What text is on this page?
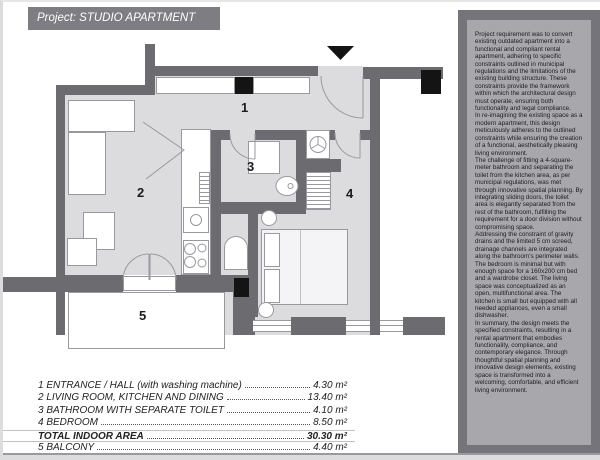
Project: STUDIO APARTMENT
1
2
3
4
5
1 ENTRANCE / HALL (with washing machine)	4.30 m²
2 LIVING ROOM, KITCHEN AND DINING	13.40 m²
3 BATHROOM WITH SEPARATE TOILET	4.10 m²
4 BEDROOM	8.50 m²
TOTAL INDOOR AREA	30.30 m²
5 BALCONY	4.40 m²

Project requirement was to convert existing outdated apartment into a functional and compliant rental apartment, adhering to specific constraints outlined in municipal regulations and the limitations of the existing building structure. These constraints provide the framework within which the architectural design must operate, ensuring both functionality and legal compliance.

In re-imagining the existing space as a modern apartment, this design meticulously adheres to the outlined constraints while ensuring the creation of a functional, aesthetically pleasing living environment.

The challenge of fitting a 4-square-meter bathroom and separating the toilet from the kitchen area, as per municipal regulations, was met through innovative spatial planning. By integrating sliding doors, the toilet area is elegantly separated from the rest of the bathroom, fulfilling the requirement for a door division without compromising space.

Addressing the constraint of gravity drains and the limited 5 cm screed, drainage channels are integrated along the bathroom's perimeter walls. The bedroom is minimal but with enough space for a 160x200 cm bed and a wardrobe closet. The living space was conceptualized as an open, multifunctional area. The kitchen is small but equipped with all needed appliances, even a small dishwasher.

In summary, the design meets the specified constraints, resulting in a rental apartment that embodies functionality, compliance, and contemporary elegance. Through thoughtful spatial planning and innovative design elements, existing space is transformed into a welcoming, comfortable, and efficient living environment.
